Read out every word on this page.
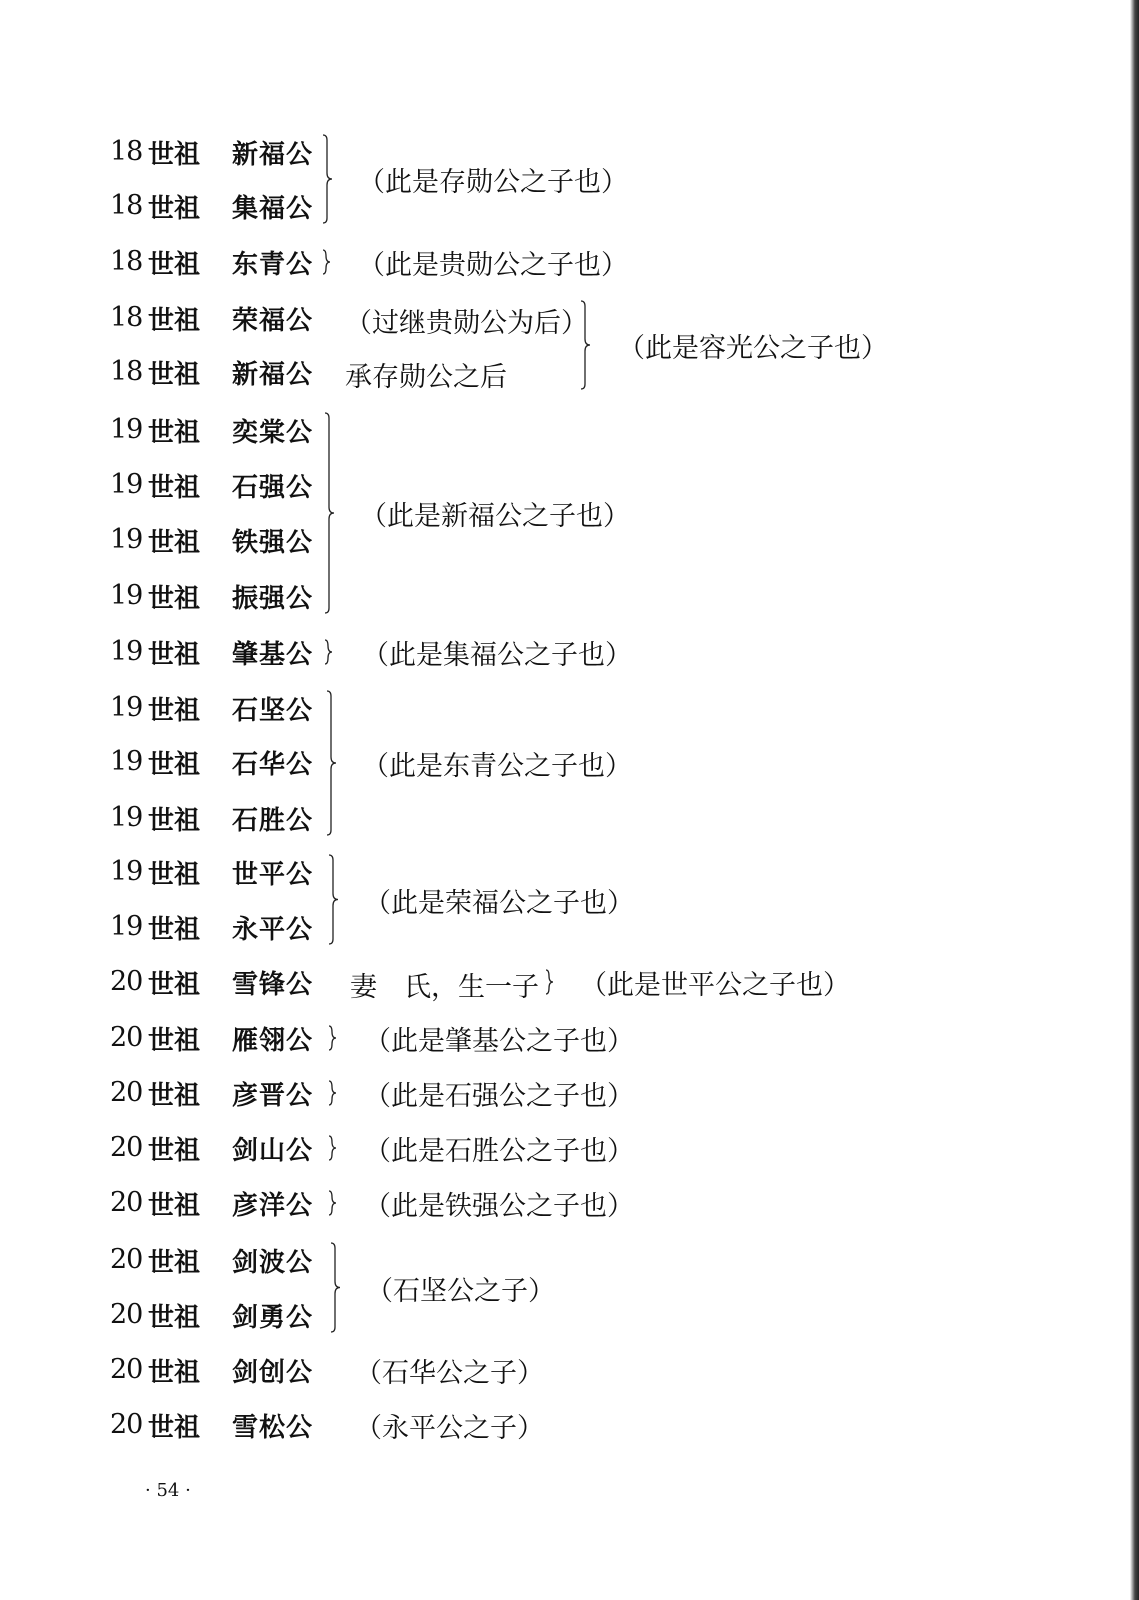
18 世祖 新福公
18 世祖 集福公
18 世祖 东青公
18 世祖 荣福公 （过继贵勋公为后）
18 世祖 新福公 承存勋公之后
19 世祖 奕棠公
19 世祖 石强公
19 世祖 铁强公
19 世祖 振强公
19 世祖 肇基公
19 世祖 石坚公
19 世祖 石华公
19 世祖 石胜公
19 世祖 世平公
19 世祖 永平公
20 世祖 雪锋公 妻　氏，生一子
20 世祖 雁翎公
20 世祖 彦晋公
20 世祖 剑山公
20 世祖 彦洋公
20 世祖 剑波公
20 世祖 剑勇公
20 世祖 剑创公
20 世祖 雪松公
（此是存勋公之子也）
（此是贵勋公之子也）
（此是容光公之子也）
（此是新福公之子也）
（此是集福公之子也）
（此是东青公之子也）
（此是荣福公之子也）
（此是世平公之子也）
（此是肇基公之子也）
（此是石强公之子也）
（此是石胜公之子也）
（此是铁强公之子也）
（石坚公之子）
（石华公之子）
（永平公之子）
· 54 ·
